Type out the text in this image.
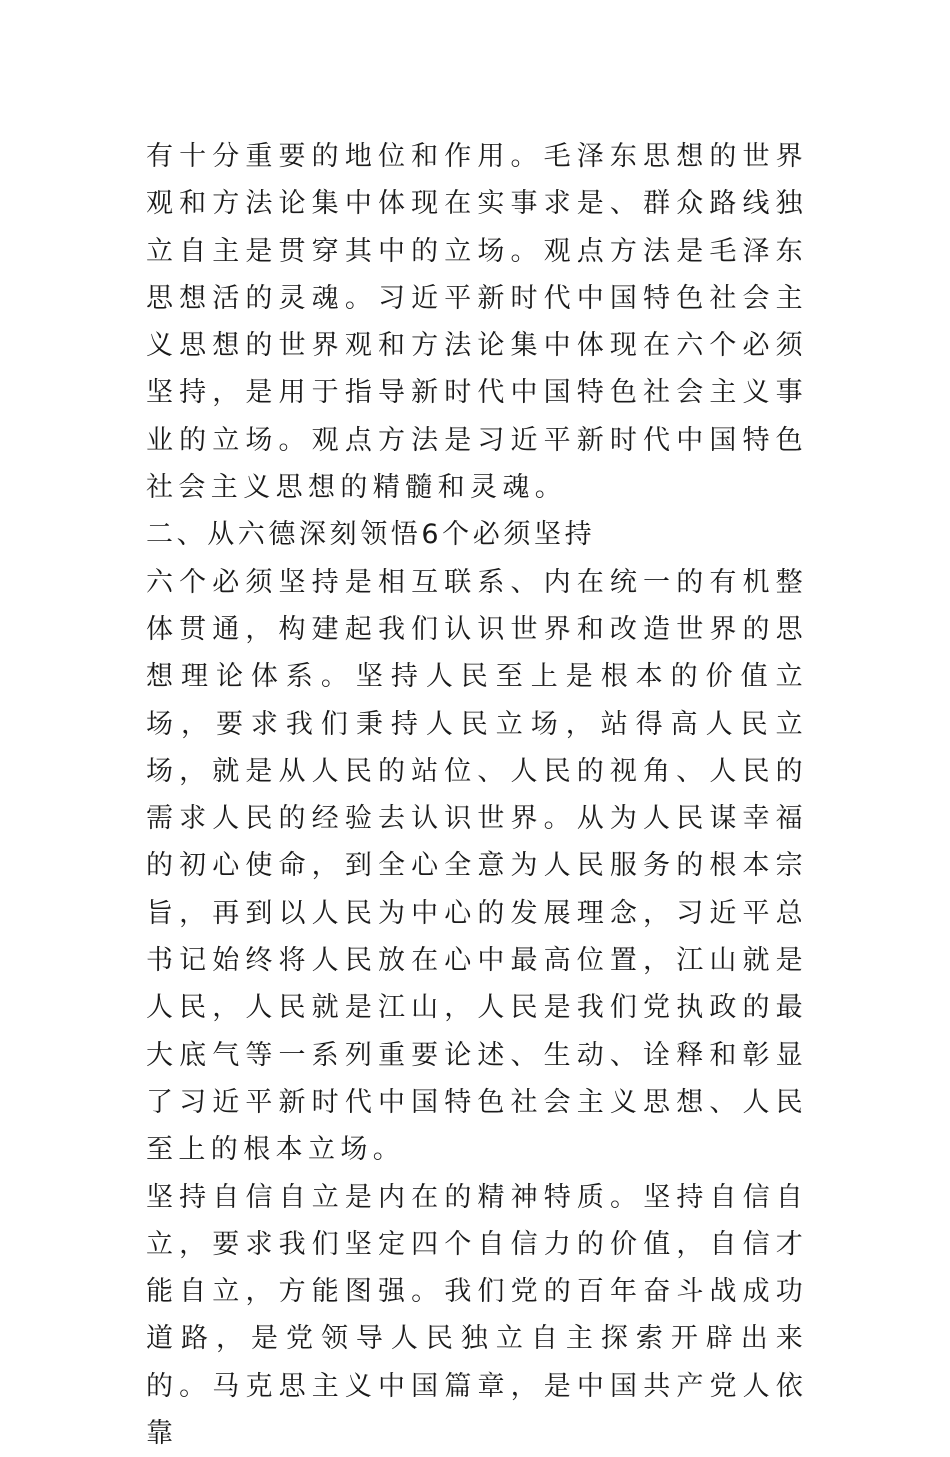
有十分重要的地位和作用。毛泽东思想的世界观和方法论集中体现在实事求是、群众路线独立自主是贯穿其中的立场。观点方法是毛泽东思想活的灵魂。习近平新时代中国特色社会主义思想的世界观和方法论集中体现在六个必须坚持，是用于指导新时代中国特色社会主义事业的立场。观点方法是习近平新时代中国特色社会主义思想的精髓和灵魂。

二、从六德深刻领悟6个必须坚持

六个必须坚持是相互联系、内在统一的有机整体贯通，构建起我们认识世界和改造世界的思想理论体系。坚持人民至上是根本的价值立场，要求我们秉持人民立场，站得高人民立场，就是从人民的站位、人民的视角、人民的需求人民的经验去认识世界。从为人民谋幸福的初心使命，到全心全意为人民服务的根本宗旨，再到以人民为中心的发展理念，习近平总书记始终将人民放在心中最高位置，江山就是人民，人民就是江山，人民是我们党执政的最大底气等一系列重要论述、生动、诠释和彰显了习近平新时代中国特色社会主义思想、人民至上的根本立场。

坚持自信自立是内在的精神特质。坚持自信自立，要求我们坚定四个自信力的价值，自信才能自立，方能图强。我们党的百年奋斗战成功道路，是党领导人民独立自主探索开辟出来的。马克思主义中国篇章，是中国共产党人依靠
